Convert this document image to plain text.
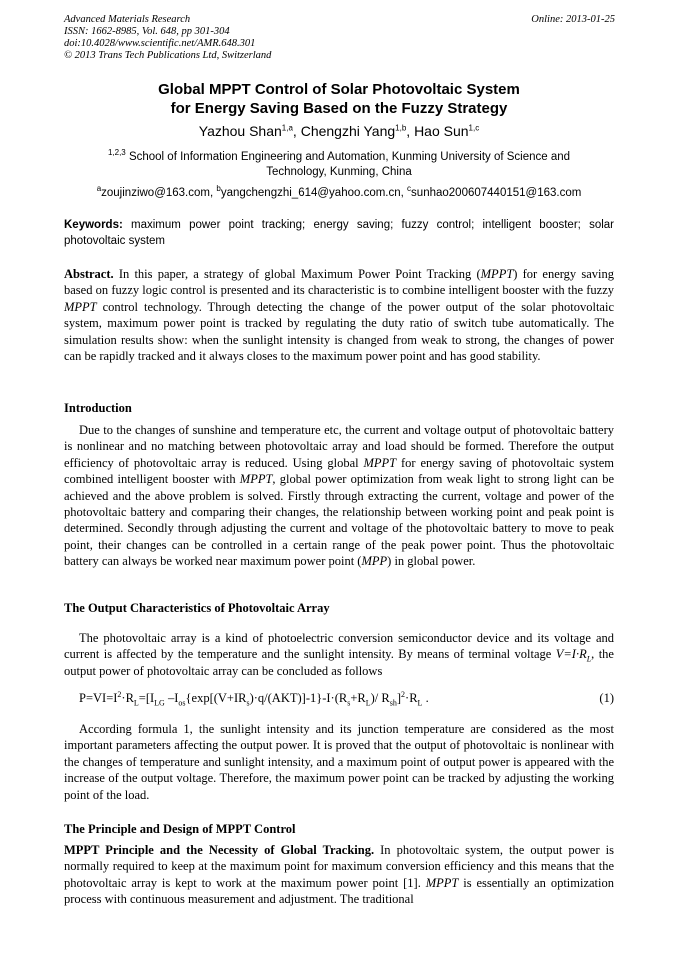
Advanced Materials Research
ISSN: 1662-8985, Vol. 648, pp 301-304
doi:10.4028/www.scientific.net/AMR.648.301
© 2013 Trans Tech Publications Ltd, Switzerland
Online: 2013-01-25
Global MPPT Control of Solar Photovoltaic System
for Energy Saving Based on the Fuzzy Strategy
Yazhou Shan$^{1,a}$, Chengzhi Yang$^{1,b}$, Hao Sun$^{1,c}$
$^{1,2,3}$ School of Information Engineering and Automation, Kunming University of Science and Technology, Kunming, China
$^a$zoujinziwo@163.com, $^b$yangchengzhi_614@yahoo.com.cn, $^c$sunhao200607440151@163.com
Keywords: maximum power point tracking; energy saving; fuzzy control; intelligent booster; solar photovoltaic system
Abstract. In this paper, a strategy of global Maximum Power Point Tracking (MPPT) for energy saving based on fuzzy logic control is presented and its characteristic is to combine intelligent booster with the fuzzy MPPT control technology. Through detecting the change of the power output of the solar photovoltaic system, maximum power point is tracked by regulating the duty ratio of switch tube automatically. The simulation results show: when the sunlight intensity is changed from weak to strong, the changes of power can be rapidly tracked and it always closes to the maximum power point and has good stability.
Introduction
Due to the changes of sunshine and temperature etc, the current and voltage output of photovoltaic battery is nonlinear and no matching between photovoltaic array and load should be formed. Therefore the output efficiency of photovoltaic array is reduced. Using global MPPT for energy saving of photovoltaic system combined intelligent booster with MPPT, global power optimization from weak light to strong light can be achieved and the above problem is solved. Firstly through extracting the current, voltage and power of the photovoltaic battery and comparing their changes, the relationship between working point and peak point is determined. Secondly through adjusting the current and voltage of the photovoltaic battery to move to peak point, their changes can be controlled in a certain range of the peak power point. Thus the photovoltaic battery can always be worked near maximum power point (MPP) in global power.
The Output Characteristics of Photovoltaic Array
The photovoltaic array is a kind of photoelectric conversion semiconductor device and its voltage and current is affected by the temperature and the sunlight intensity. By means of terminal voltage $V=I\cdot R_L$, the output power of photovoltaic array can be concluded as follows
$P=VI=I^2\cdot R_L=[I_{LG}$ $-I_{os}\{\exp[(V+IR_s)\cdot q/(AKT)]-1\}-I\cdot(R_s+R_L)/$ $R_{sh}]^2\cdot R_L$ .	(1)
According formula 1, the sunlight intensity and its junction temperature are considered as the most important parameters affecting the output power. It is proved that the output of photovoltaic is nonlinear with the changes of temperature and sunlight intensity, and a maximum point of output power is appeared with the increase of the output voltage. Therefore, the maximum power point can be tracked by adjusting the working point of the load.
The Principle and Design of MPPT Control
MPPT Principle and the Necessity of Global Tracking. In photovoltaic system, the output power is normally required to keep at the maximum point for maximum conversion efficiency and this means that the photovoltaic array is kept to work at the maximum power point [1]. MPPT is essentially an optimization process with continuous measurement and adjustment. The traditional
